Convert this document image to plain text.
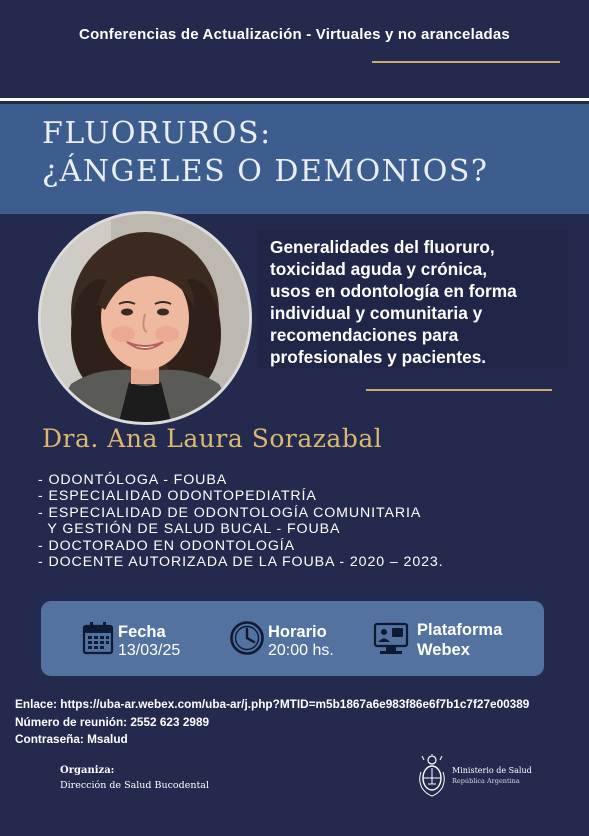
Conferencias de Actualización - Virtuales y no aranceladas
FLUORUROS:
¿ÁNGELES O DEMONIOS?
Generalidades del fluoruro,
toxicidad aguda y crónica,
usos en odontología en forma
individual y comunitaria y
recomendaciones para
profesionales y pacientes.
Dra. Ana Laura Sorazabal
- ODONTÓLOGA - FOUBA
- ESPECIALIDAD ODONTOPEDIATRÍA
- ESPECIALIDAD DE ODONTOLOGÍA COMUNITARIA
Y GESTIÓN DE SALUD BUCAL - FOUBA
- DOCTORADO EN ODONTOLOGÍA
- DOCENTE AUTORIZADA DE LA FOUBA - 2020 – 2023.
Fecha
13/03/25
Horario
20:00 hs.
Plataforma
Webex
Enlace: https://uba-ar.webex.com/uba-ar/j.php?MTID=m5b1867a6e983f86e6f7b1c7f27e00389
Número de reunión: 2552 623 2989
Contraseña: Msalud
Organiza:
Dirección de Salud Bucodental
Ministerio de Salud
República Argentina
